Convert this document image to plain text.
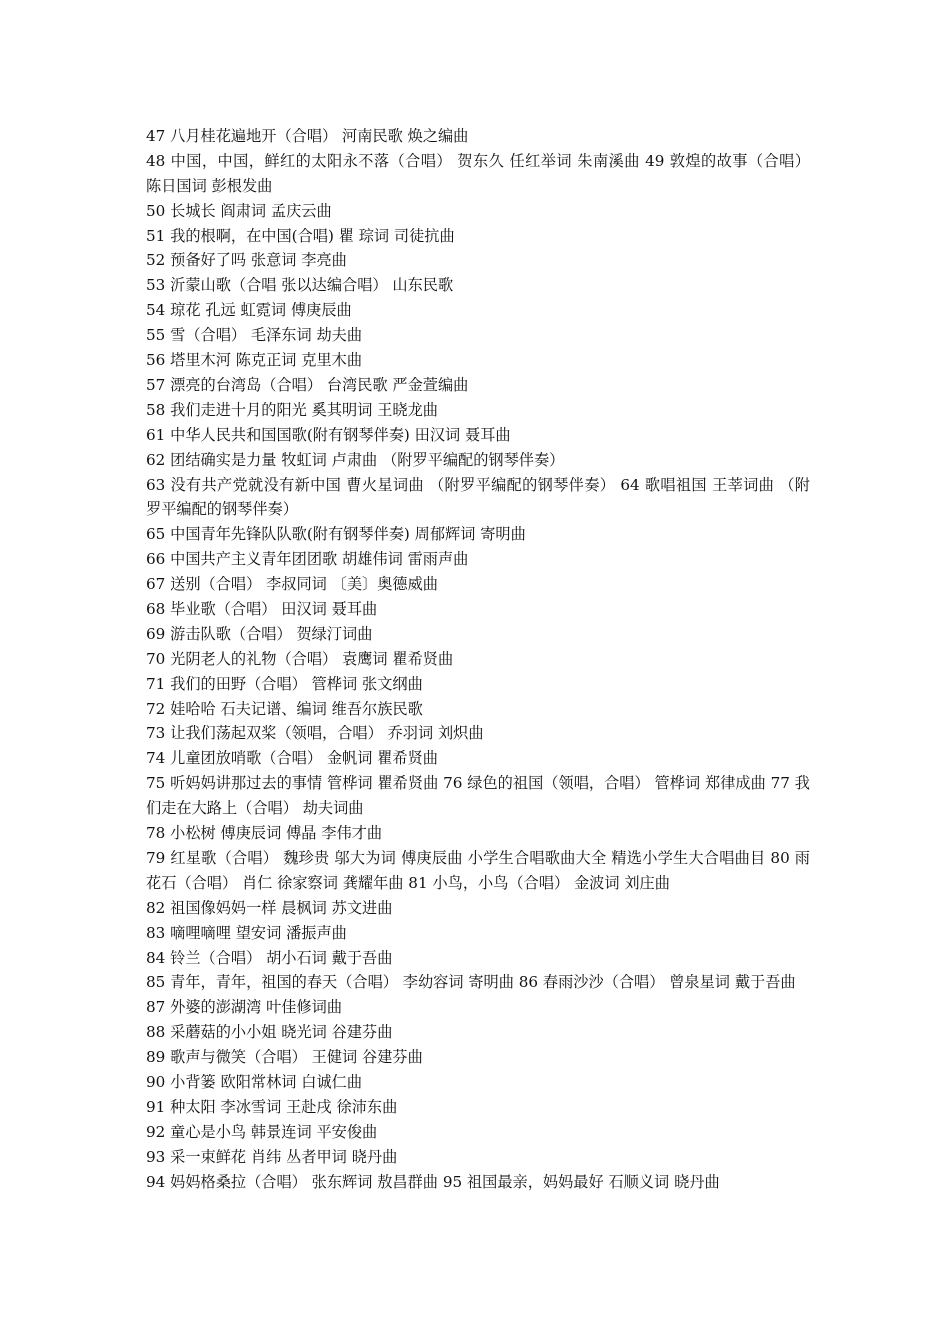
47 八月桂花遍地开（合唱） 河南民歌 焕之编曲
48 中国，中国，鲜红的太阳永不落（合唱） 贺东久 任红举词 朱南溪曲 49 敦煌的故事（合唱） 陈日国词 彭根发曲
50 长城长 阎肃词 孟庆云曲
51 我的根啊，在中国(合唱) 瞿 琮词 司徒抗曲
52 预备好了吗 张意词 李亮曲
53 沂蒙山歌（合唱 张以达编合唱） 山东民歌
54 琼花 孔远 虹霓词 傅庚辰曲
55 雪（合唱） 毛泽东词 劫夫曲
56 塔里木河 陈克正词 克里木曲
57 漂亮的台湾岛（合唱） 台湾民歌 严金萱编曲
58 我们走进十月的阳光 奚其明词 王晓龙曲
61 中华人民共和国国歌(附有钢琴伴奏) 田汉词 聂耳曲
62 团结确实是力量 牧虹词 卢肃曲 （附罗平编配的钢琴伴奏）
63 没有共产党就没有新中国 曹火星词曲 （附罗平编配的钢琴伴奏） 64 歌唱祖国 王莘词曲 （附罗平编配的钢琴伴奏）
65 中国青年先锋队队歌(附有钢琴伴奏) 周郁辉词 寄明曲
66 中国共产主义青年团团歌 胡雄伟词 雷雨声曲
67 送别（合唱） 李叔同词 〔美〕奥德威曲
68 毕业歌（合唱） 田汉词 聂耳曲
69 游击队歌（合唱） 贺绿汀词曲
70 光阴老人的礼物（合唱） 袁鹰词 瞿希贤曲
71 我们的田野（合唱） 管桦词 张文纲曲
72 娃哈哈 石夫记谱、编词 维吾尔族民歌
73 让我们荡起双桨（领唱，合唱） 乔羽词 刘炽曲
74 儿童团放哨歌（合唱） 金帆词 瞿希贤曲
75 听妈妈讲那过去的事情 管桦词 瞿希贤曲 76 绿色的祖国（领唱，合唱） 管桦词 郑律成曲 77 我们走在大路上（合唱） 劫夫词曲
78 小松树 傅庚辰词 傅晶 李伟才曲
79 红星歌（合唱） 魏珍贵 邬大为词 傅庚辰曲 小学生合唱歌曲大全 精选小学生大合唱曲目 80 雨花石（合唱） 肖仁 徐家察词 龚耀年曲 81 小鸟，小鸟（合唱） 金波词 刘庄曲
82 祖国像妈妈一样 晨枫词 苏文进曲
83 嘀哩嘀哩 望安词 潘振声曲
84 铃兰（合唱） 胡小石词 戴于吾曲
85 青年，青年，祖国的春天（合唱） 李幼容词 寄明曲 86 春雨沙沙（合唱） 曾泉星词 戴于吾曲
87 外婆的澎湖湾 叶佳修词曲
88 采蘑菇的小小姐 晓光词 谷建芬曲
89 歌声与微笑（合唱） 王健词 谷建芬曲
90 小背篓 欧阳常林词 白诚仁曲
91 种太阳 李冰雪词 王赴戌 徐沛东曲
92 童心是小鸟 韩景连词 平安俊曲
93 采一束鲜花 肖纬 丛者甲词 晓丹曲
94 妈妈格桑拉（合唱） 张东辉词 敖昌群曲 95 祖国最亲，妈妈最好 石顺义词 晓丹曲
